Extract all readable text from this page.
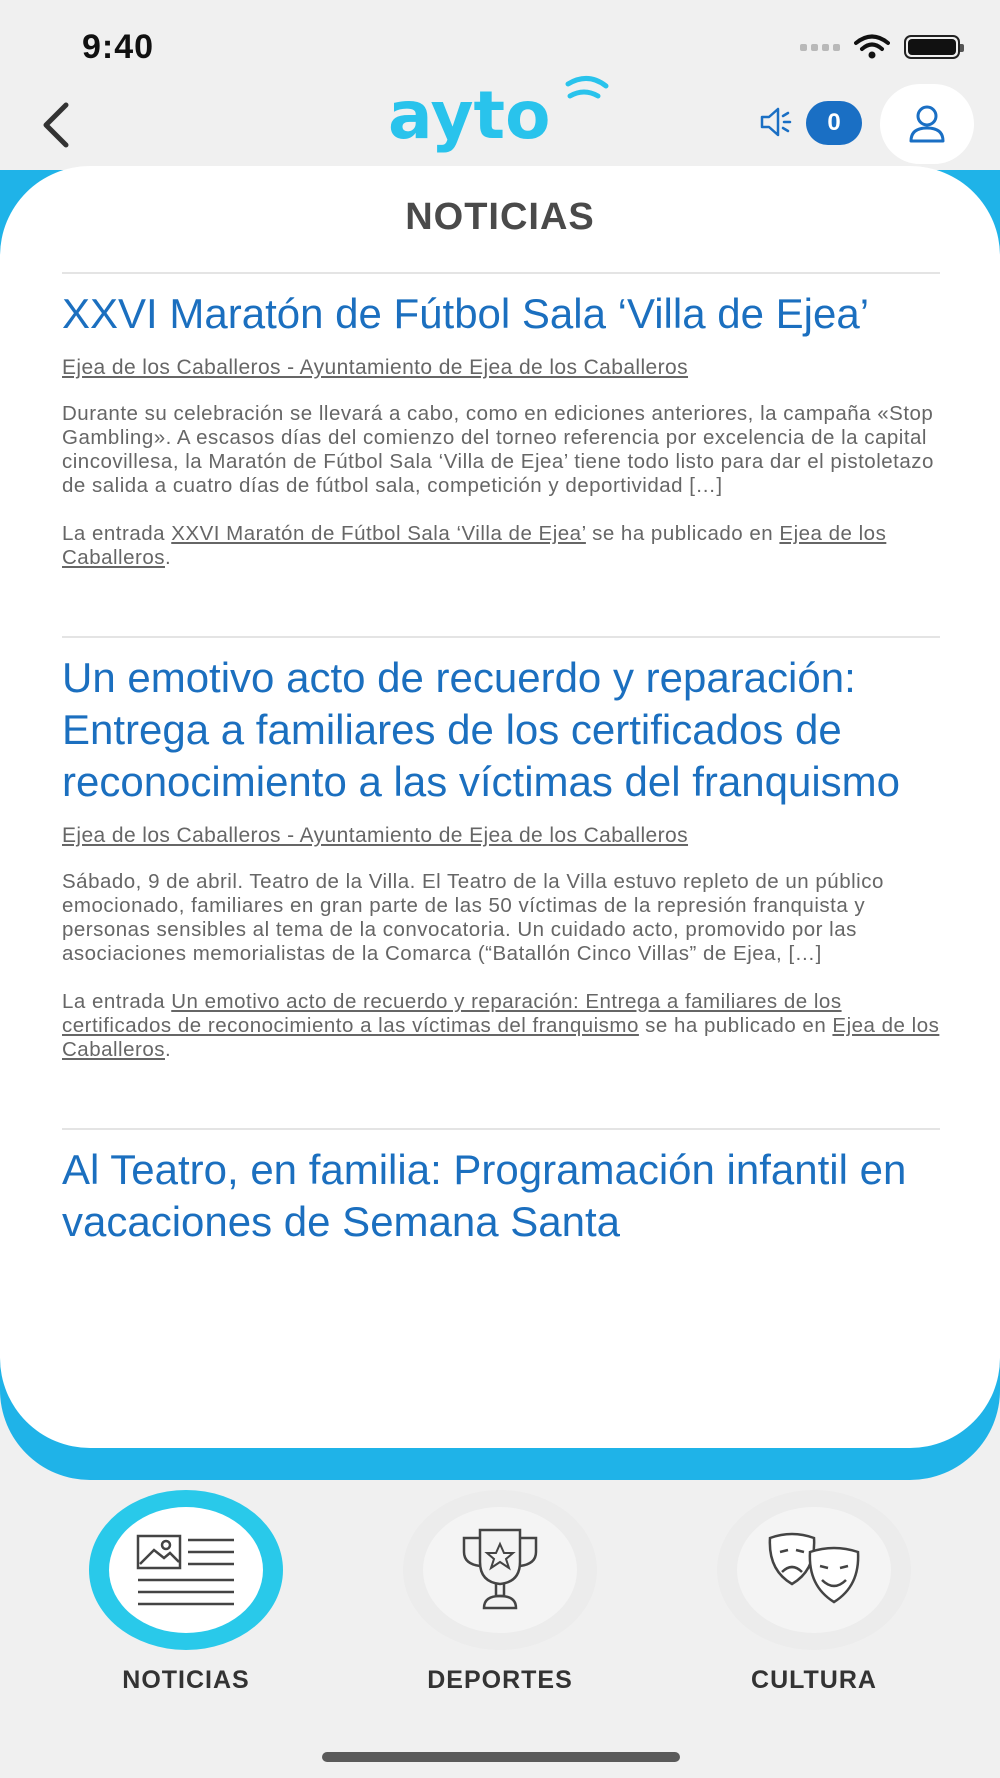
9:40
ayto	0
NOTICIAS
XXVI Maratón de Fútbol Sala ‘Villa de Ejea’
Ejea de los Caballeros - Ayuntamiento de Ejea de los Caballeros

Durante su celebración se llevará a cabo, como en ediciones anteriores, la campaña «Stop Gambling». A escasos días del comienzo del torneo referencia por excelencia de la capital cincovillesa, la Maratón de Fútbol Sala ‘Villa de Ejea’ tiene todo listo para dar el pistoletazo de salida a cuatro días de fútbol sala, competición y deportividad […]

La entrada XXVI Maratón de Fútbol Sala ‘Villa de Ejea’ se ha publicado en Ejea de los Caballeros.

Un emotivo acto de recuerdo y reparación: Entrega a familiares de los certificados de reconocimiento a las víctimas del franquismo
Ejea de los Caballeros - Ayuntamiento de Ejea de los Caballeros

Sábado, 9 de abril. Teatro de la Villa. El Teatro de la Villa estuvo repleto de un público emocionado, familiares en gran parte de las 50 víctimas de la represión franquista y personas sensibles al tema de la convocatoria. Un cuidado acto, promovido por las asociaciones memorialistas de la Comarca (“Batallón Cinco Villas” de Ejea, […]

La entrada Un emotivo acto de recuerdo y reparación: Entrega a familiares de los certificados de reconocimiento a las víctimas del franquismo se ha publicado en Ejea de los Caballeros.

Al Teatro, en familia: Programación infantil en vacaciones de Semana Santa
NOTICIAS	DEPORTES	CULTURA
